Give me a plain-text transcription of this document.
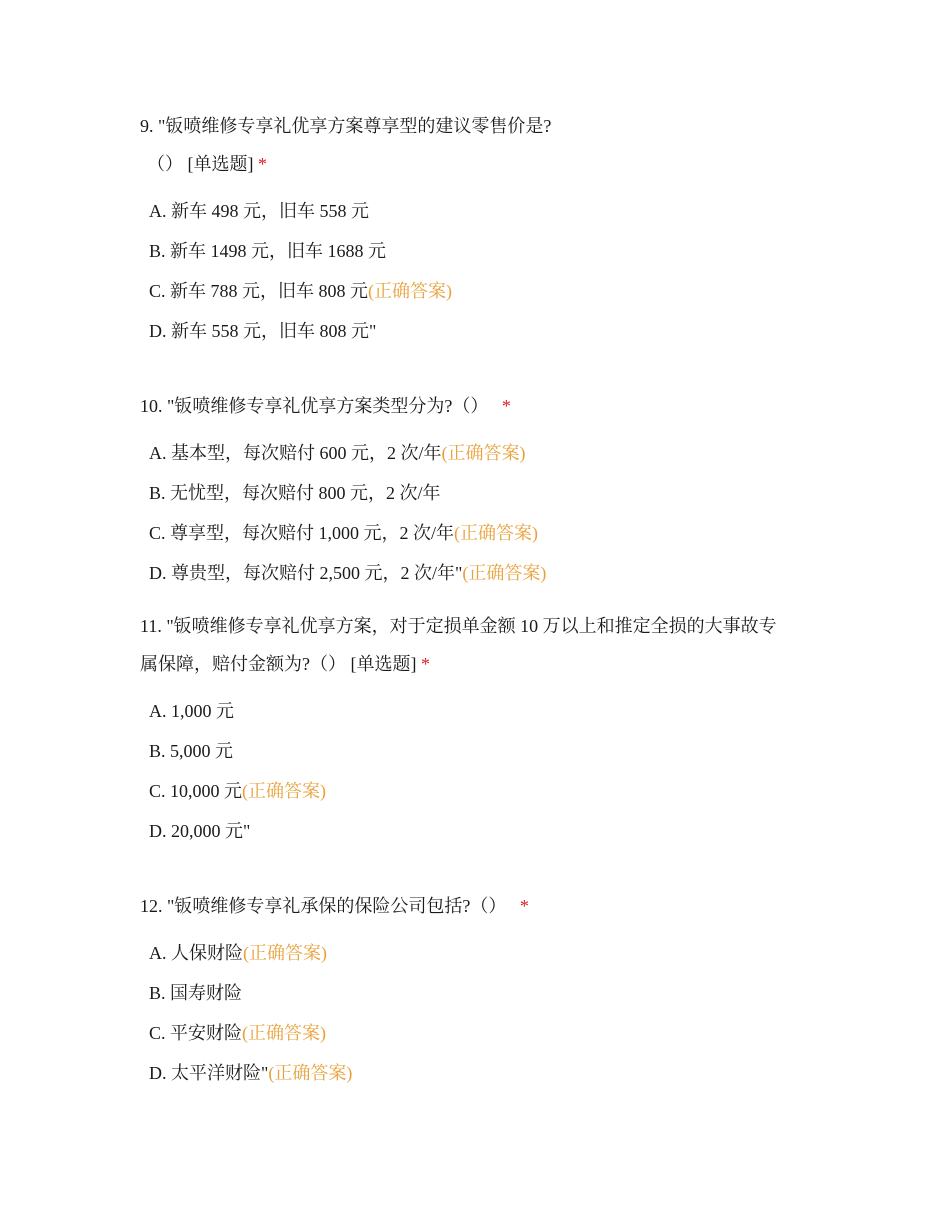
9. "钣喷维修专享礼优享方案尊享型的建议零售价是?

（） [单选题] *

A. 新车 498 元，旧车 558 元

B. 新车 1498 元，旧车 1688 元

C. 新车 788 元，旧车 808 元(正确答案)

D. 新车 558 元，旧车 808 元"

10. "钣喷维修专享礼优享方案类型分为?（） *

A. 基本型，每次赔付 600 元，2 次/年(正确答案)

B. 无忧型，每次赔付 800 元，2 次/年

C. 尊享型，每次赔付 1,000 元，2 次/年(正确答案)

D. 尊贵型，每次赔付 2,500 元，2 次/年"(正确答案)

11. "钣喷维修专享礼优享方案，对于定损单金额 10 万以上和推定全损的大事故专

属保障，赔付金额为?（） [单选题] *

A. 1,000 元

B. 5,000 元

C. 10,000 元(正确答案)

D. 20,000 元"

12. "钣喷维修专享礼承保的保险公司包括?（） *

A. 人保财险(正确答案)

B. 国寿财险

C. 平安财险(正确答案)

D. 太平洋财险"(正确答案)
